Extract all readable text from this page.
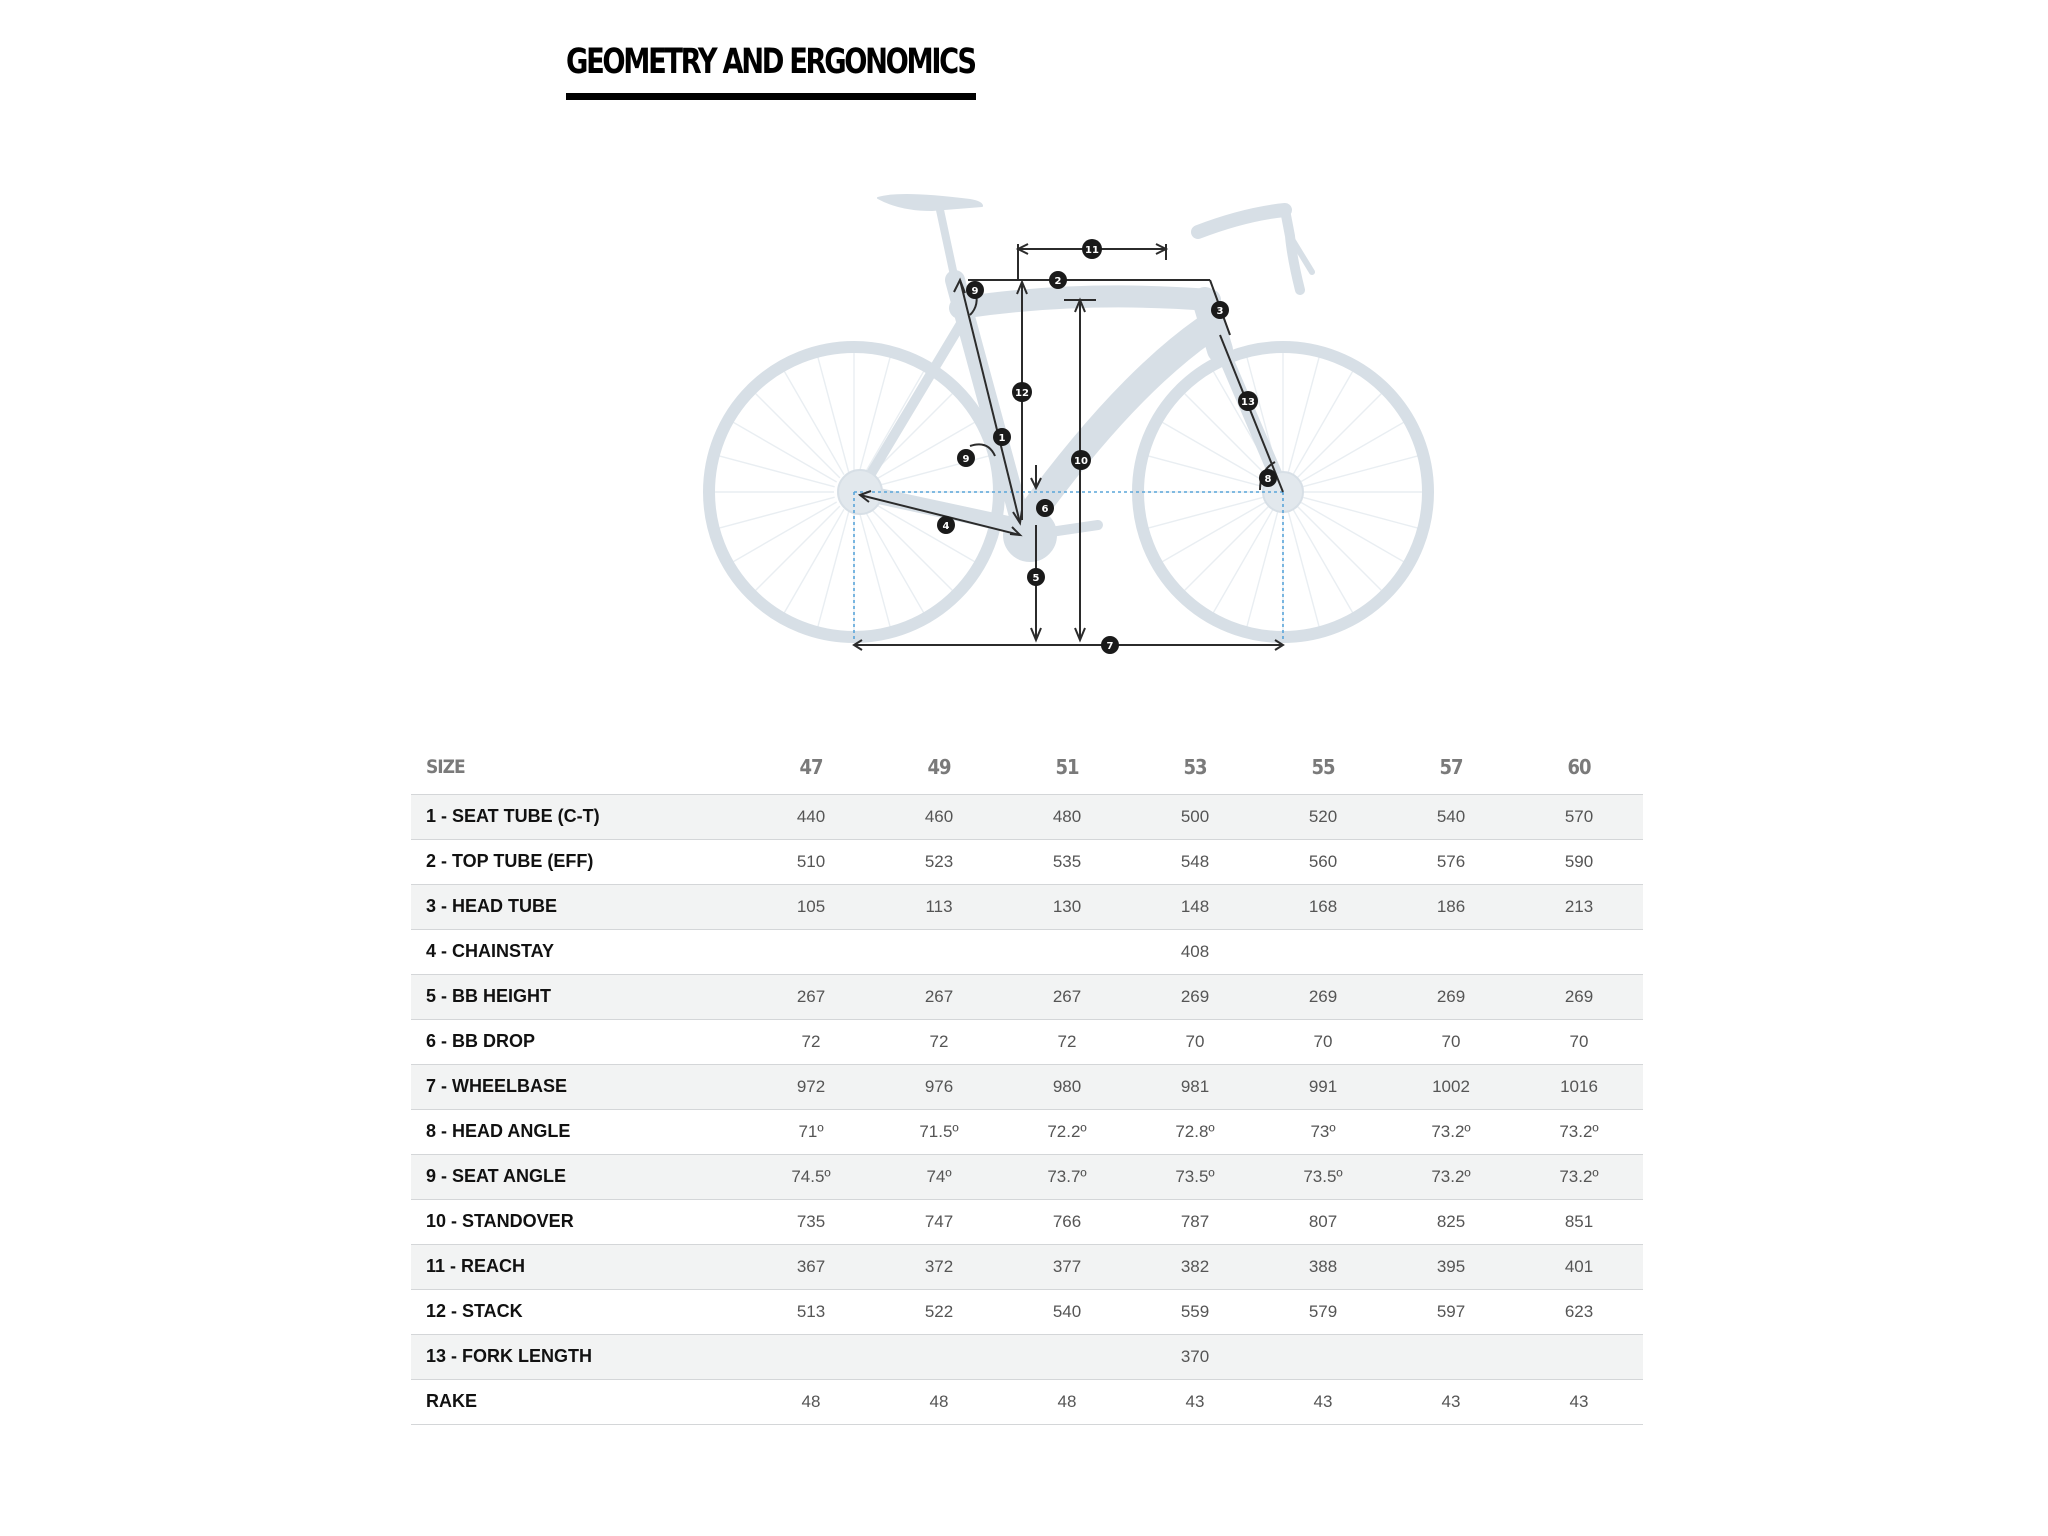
GEOMETRY AND ERGONOMICS
1
2
3
4
5
6
7
8
9
9	10
11
12
13
SIZE	47	49	51	53	55	57	60
1 - SEAT TUBE (C-T)	440	460	480	500	520	540	570
2 - TOP TUBE (EFF)	510	523	535	548	560	576	590
3 - HEAD TUBE	105	113	130	148	168	186	213
4 - CHAINSTAY				408			
5 - BB HEIGHT	267	267	267	269	269	269	269
6 - BB DROP	72	72	72	70	70	70	70
7 - WHEELBASE	972	976	980	981	991	1002	1016
8 - HEAD ANGLE	71º	71.5º	72.2º	72.8º	73º	73.2º	73.2º
9 - SEAT ANGLE	74.5º	74º	73.7º	73.5º	73.5º	73.2º	73.2º
10 - STANDOVER	735	747	766	787	807	825	851
11 - REACH	367	372	377	382	388	395	401
12 - STACK	513	522	540	559	579	597	623
13 - FORK LENGTH				370			
RAKE	48	48	48	43	43	43	43
